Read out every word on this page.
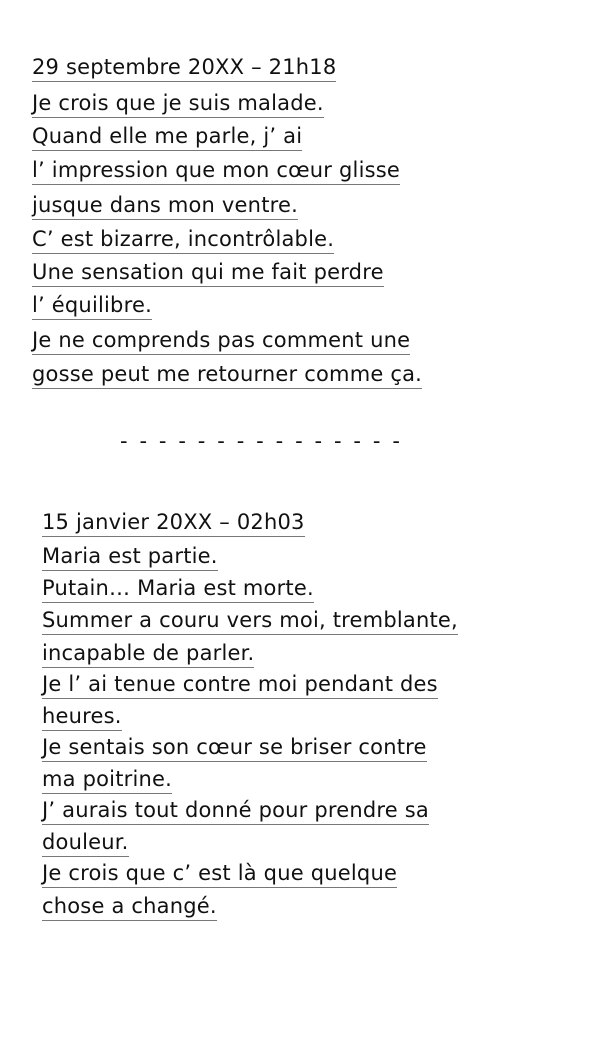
29 septembre 20XX – 21h18
Je crois que je suis malade.
Quand elle me parle, j’ ai
l’ impression que mon cœur glisse
jusque dans mon ventre.
C’ est bizarre, incontrôlable.
Une sensation qui me fait perdre
l’ équilibre.
Je ne comprends pas comment une
gosse peut me retourner comme ça.
- - - - - - - - - - - - - - -
15 janvier 20XX – 02h03
Maria est partie.
Putain… Maria est morte.
Summer a couru vers moi, tremblante,
incapable de parler.
Je l’ ai tenue contre moi pendant des
heures.
Je sentais son cœur se briser contre
ma poitrine.
J’ aurais tout donné pour prendre sa
douleur.
Je crois que c’ est là que quelque
chose a changé.
